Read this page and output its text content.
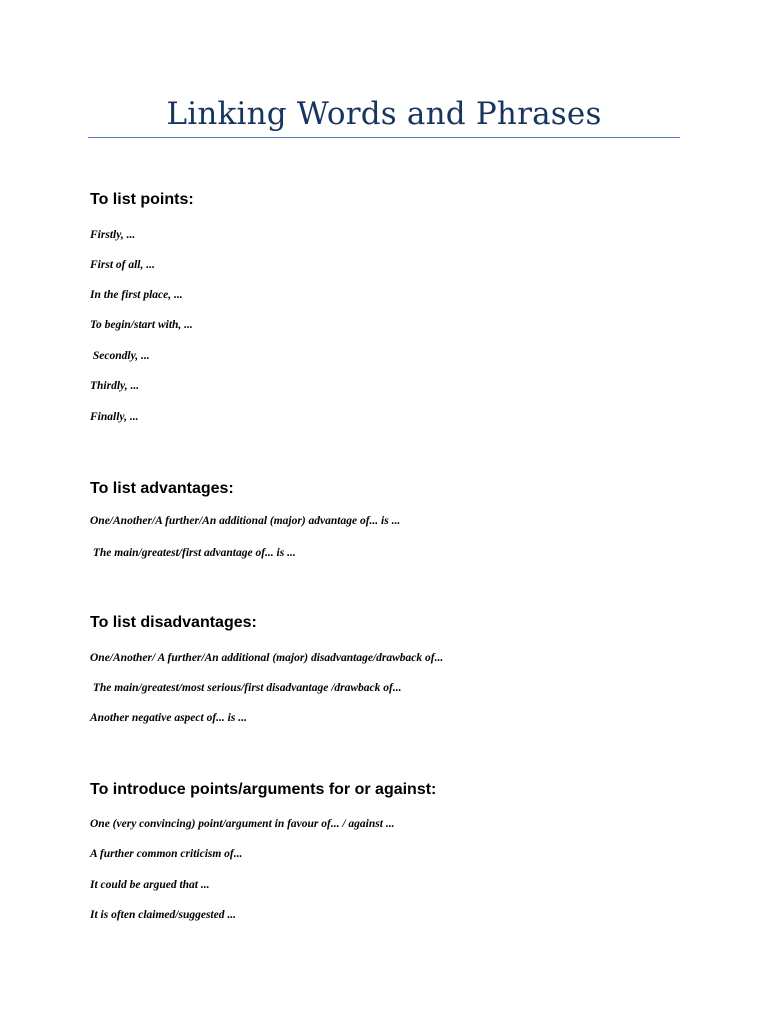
Linking Words and Phrases
To list points:

Firstly, ...

First of all, ...

In the first place, ...

To begin/start with, ...

Secondly, ...

Thirdly, ...

Finally, ...

To list advantages:

One/Another/A further/An additional (major) advantage of... is ...

The main/greatest/first advantage of... is ...

To list disadvantages:

One/Another/ A further/An additional (major) disadvantage/drawback of...

The main/greatest/most serious/first disadvantage /drawback of...

Another negative aspect of... is ...

To introduce points/arguments for or against:

One (very convincing) point/argument in favour of... / against ...

A further common criticism of...

It could be argued that ...

It is often claimed/suggested ...
